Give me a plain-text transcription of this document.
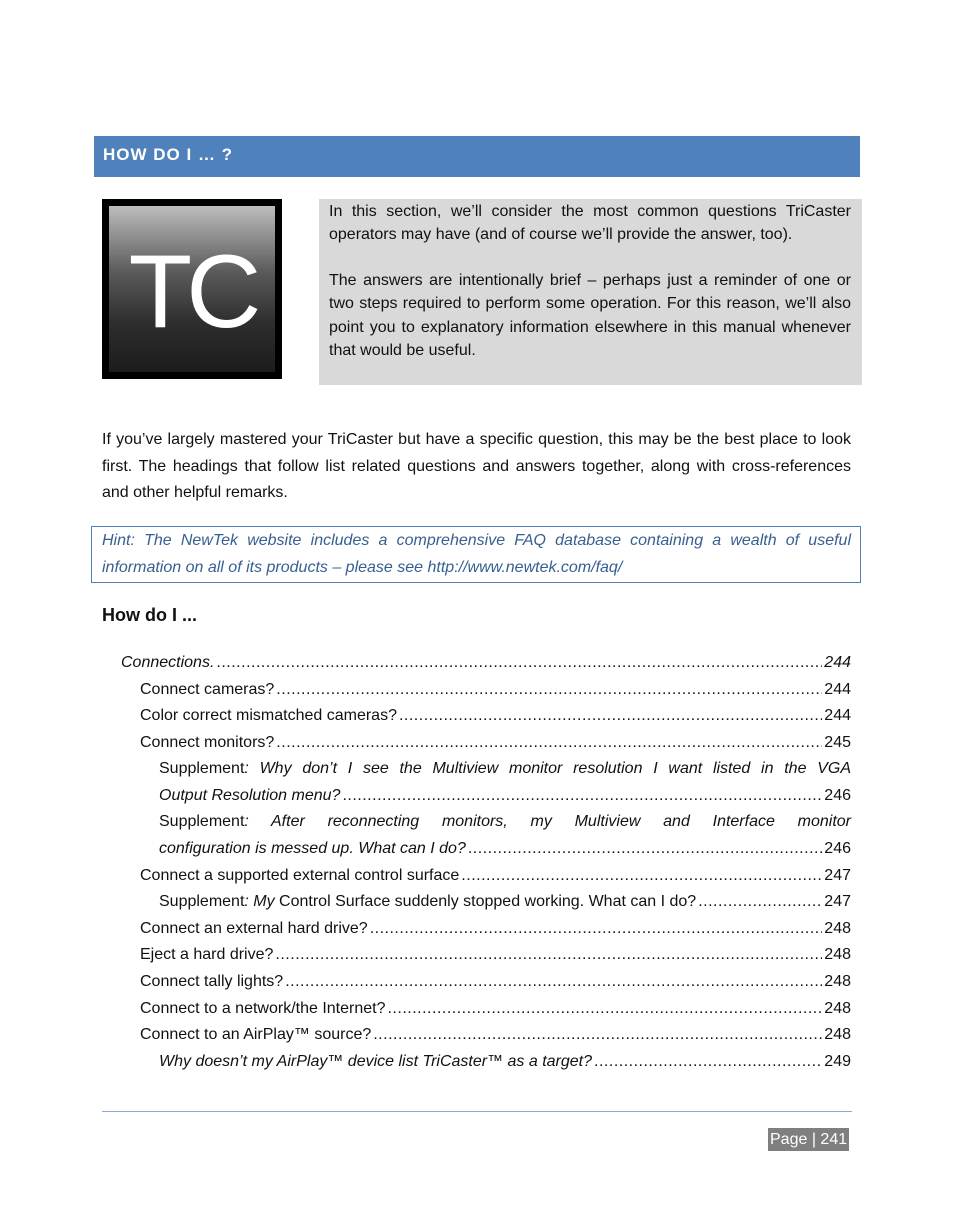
HOW DO I … ?
TC

In this section, we’ll consider the most common questions TriCaster operators may have (and of course we’ll provide the answer, too).

The answers are intentionally brief – perhaps just a reminder of one or two steps required to perform some operation. For this reason, we’ll also point you to explanatory information elsewhere in this manual whenever that would be useful.

If you’ve largely mastered your TriCaster but have a specific question, this may be the best place to look first. The headings that follow list related questions and answers together, along with cross-references and other helpful remarks.

Hint: The NewTek website includes a comprehensive FAQ database containing a wealth of useful information on all of its products – please see http://www.newtek.com/faq/

How do I ...
Connections. .....	244
Connect cameras? .....	244
Color correct mismatched cameras? .....	244
Connect monitors? .....	245
Supplement: Why don’t I see the Multiview monitor resolution I want listed in the VGA
Output Resolution menu? .....	246
Supplement: After reconnecting monitors, my Multiview and Interface monitor
configuration is messed up. What can I do? .....	246
Connect a supported external control surface .....	247
Supplement: My Control Surface suddenly stopped working. What can I do? .....	247
Connect an external hard drive? .....	248
Eject a hard drive? .....	248
Connect tally lights? .....	248
Connect to a network/the Internet? .....	248
Connect to an AirPlay™ source? .....	248
Why doesn’t my AirPlay™ device list TriCaster™ as a target? .....	249
Page | 241
